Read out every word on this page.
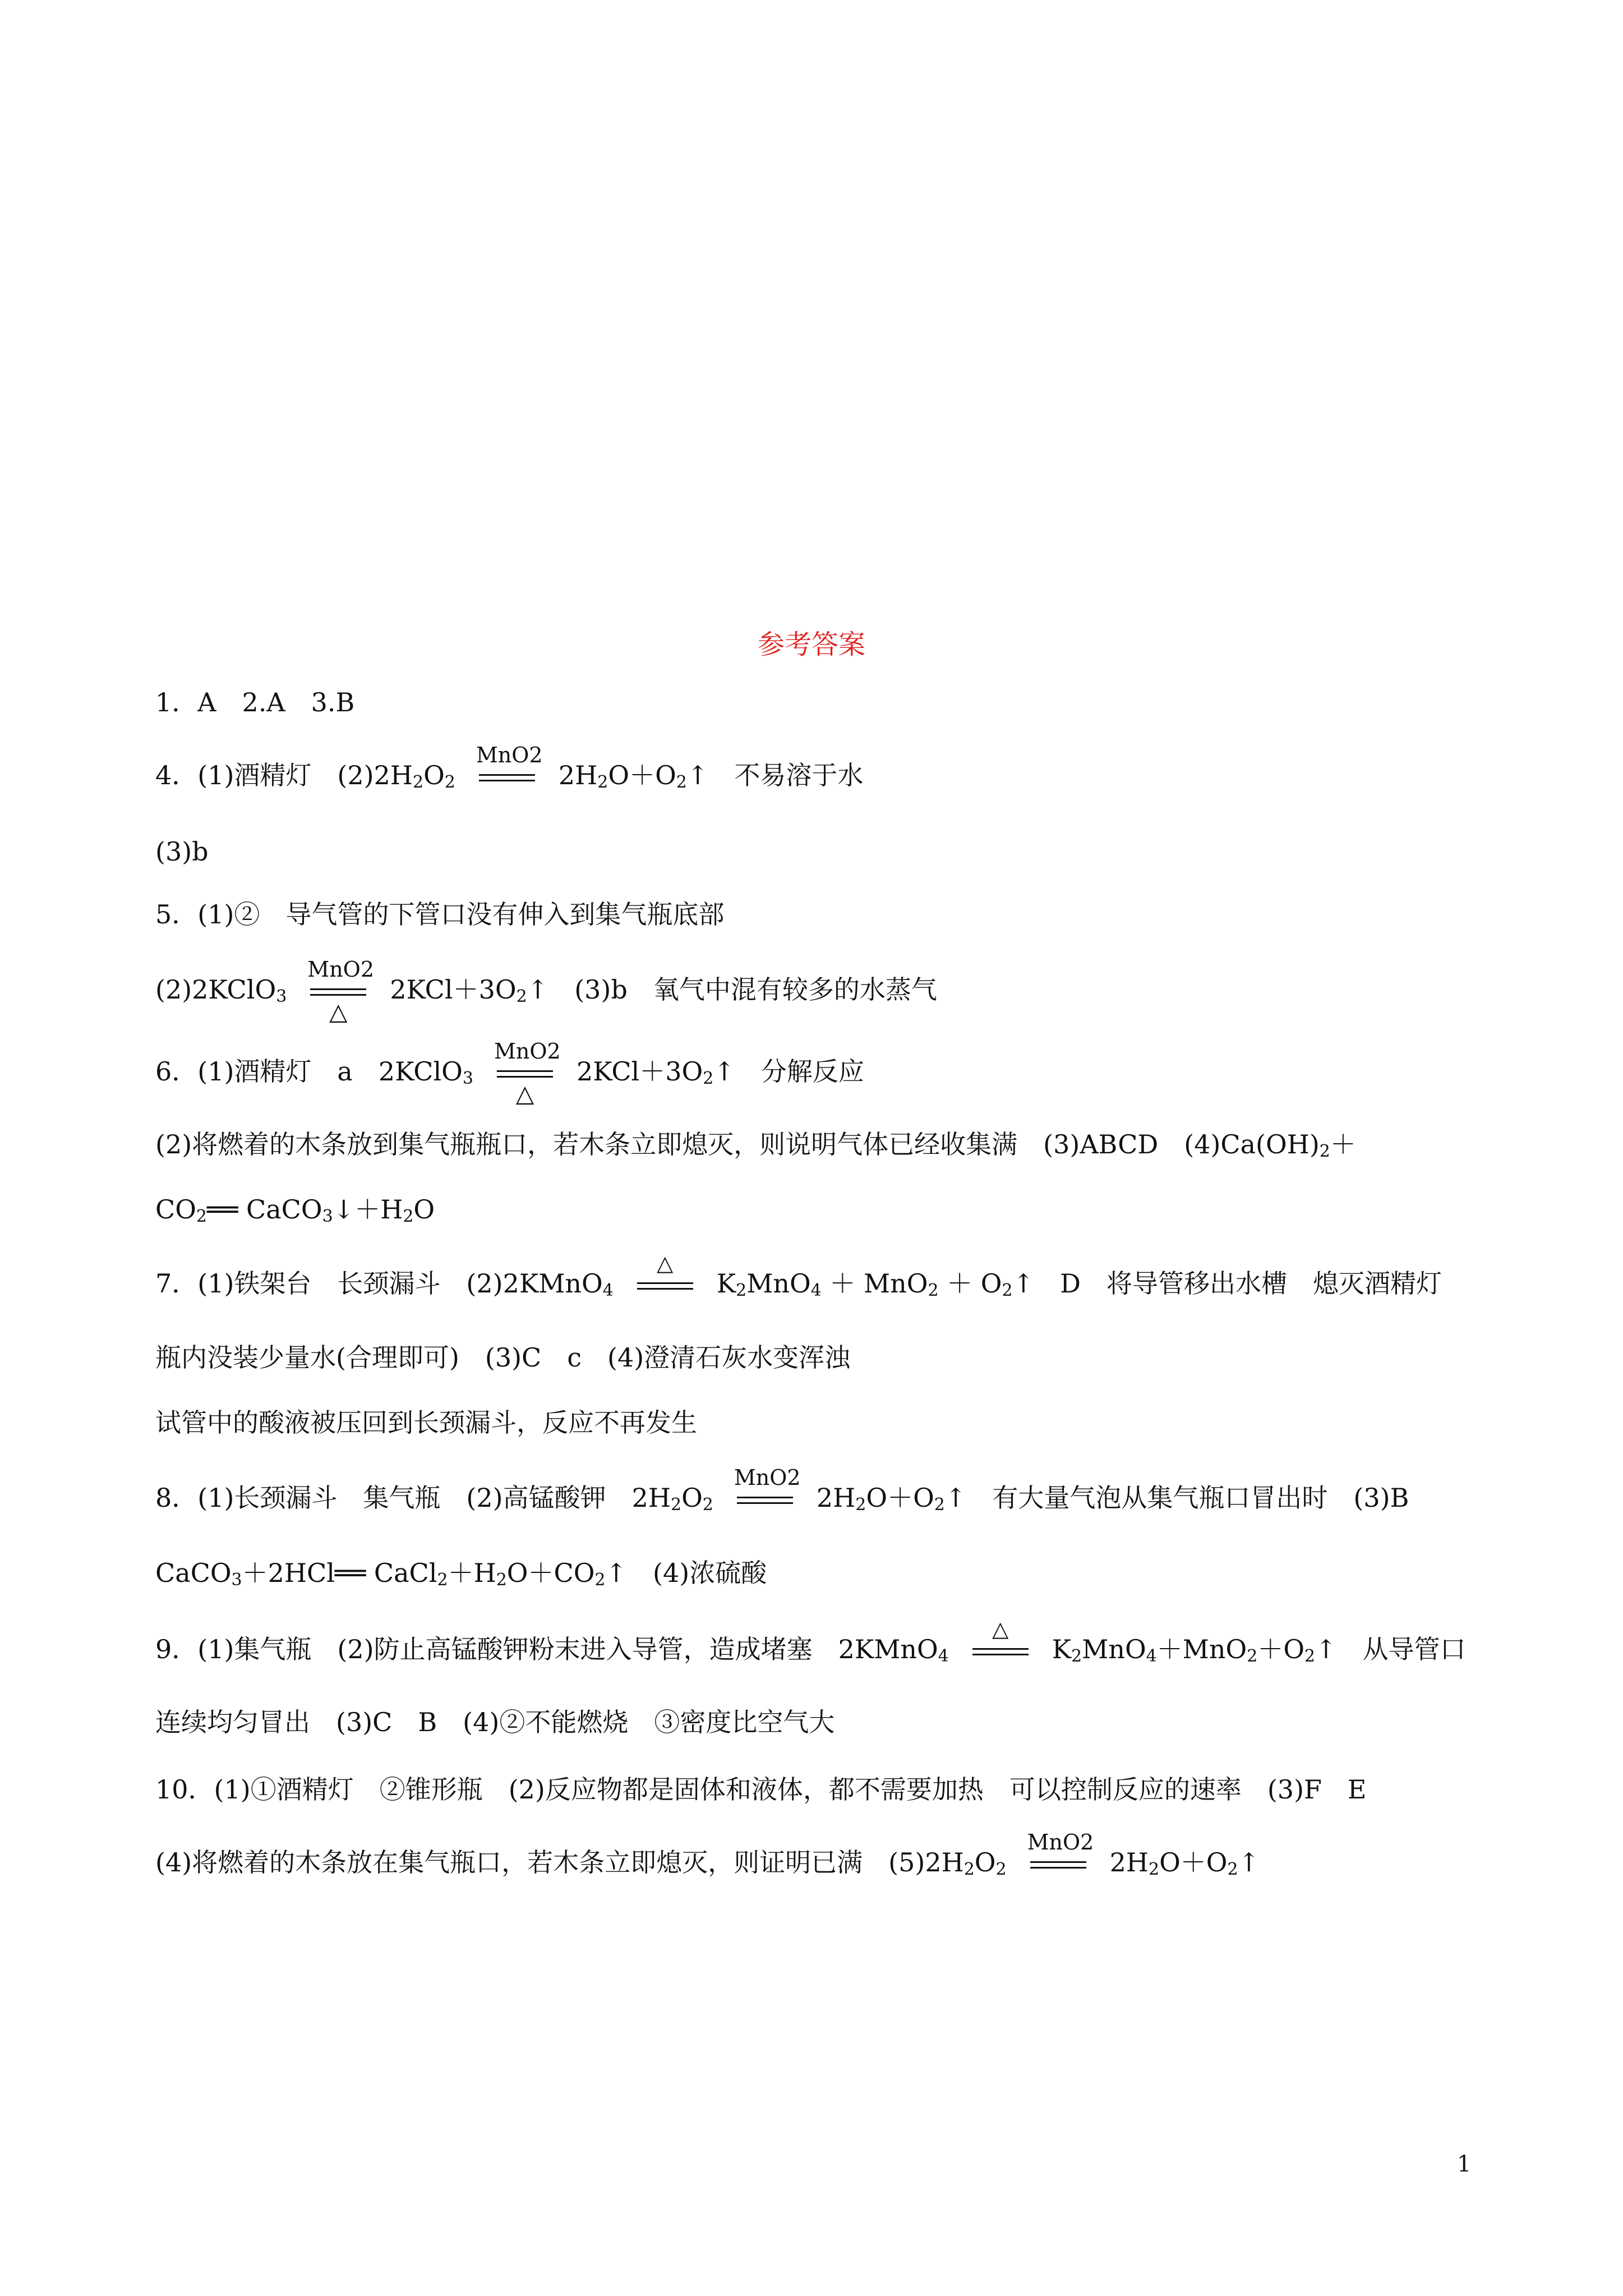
参考答案
1．A　2.A　3.B
4．(1)酒精灯　$(2)2H_2O_2$
MnO2
$2H_2O+O_2↑$　不易溶于水
(3)b
5．(1)②　导气管的下管口没有伸入到集气瓶底部
(2)2KClO$_3$
MnO2
△
$2KCl+3O_2↑$　(3)b　氧气中混有较多的水蒸气
6．(1)酒精灯　a　2KClO$_3$
MnO2
△
$2KCl+3O_2↑$　分解反应
(2)将燃着的木条放到集气瓶瓶口，若木条立即熄灭，则说明气体已经收集满　(3)ABCD　$(4)Ca(OH)_2+$
$CO_2══$ $CaCO_3↓+H_2O$
7．(1)铁架台　长颈漏斗　(2)2KMnO$_4$
△
$K_2MnO_4 + MnO_2$ ＋ $O_2↑$　D　将导管移出水槽　熄灭酒精灯
瓶内没装少量水(合理即可)　(3)C　c　(4)澄清石灰水变浑浊
试管中的酸液被压回到长颈漏斗，反应不再发生
8．(1)长颈漏斗　集气瓶　(2)高锰酸钾　$2H_2O_2$
MnO2
$2H_2O+O_2↑$　有大量气泡从集气瓶口冒出时　(3)B
CaCO$_3$＋2HCl══ $CaCl_2+H_2O+CO_2↑$　(4)浓硫酸
9．(1)集气瓶　(2)防止高锰酸钾粉末进入导管，造成堵塞　2KMnO$_4$
△
$K_2MnO_4+MnO_2+O_2↑$　从导管口
连续均匀冒出　(3)C　B　(4)②不能燃烧　③密度比空气大
10．(1)①酒精灯　②锥形瓶　(2)反应物都是固体和液体，都不需要加热　可以控制反应的速率　(3)F　E
(4)将燃着的木条放在集气瓶口，若木条立即熄灭，则证明已满　$(5)2H_2O_2$
MnO2
$2H_2O+O_2↑$
1
